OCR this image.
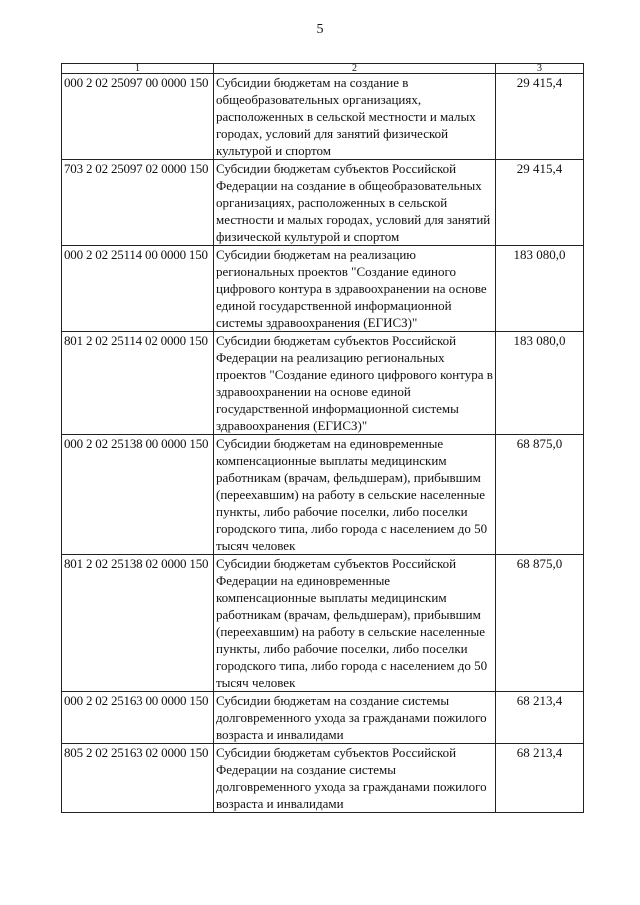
5
1	2	3
000 2 02 25097 00 0000 150	Субсидии бюджетам на создание в общеобразовательных организациях, расположенных в сельской местности и малых городах, условий для занятий физической культурой и спортом	29 415,4
703 2 02 25097 02 0000 150	Субсидии бюджетам субъектов Российской Федерации на создание в общеобразовательных организациях, расположенных в сельской местности и малых городах, условий для занятий физической культурой и спортом	29 415,4
000 2 02 25114 00 0000 150	Субсидии бюджетам на реализацию региональных проектов "Создание единого цифрового контура в здравоохранении на основе единой государственной информационной системы здравоохранения (ЕГИСЗ)"	183 080,0
801 2 02 25114 02 0000 150	Субсидии бюджетам субъектов Российской Федерации на реализацию региональных проектов "Создание единого цифрового контура в здравоохранении на основе единой государственной информационной системы здравоохранения (ЕГИСЗ)"	183 080,0
000 2 02 25138 00 0000 150	Субсидии бюджетам на единовременные компенсационные выплаты медицинским работникам (врачам, фельдшерам), прибывшим (переехавшим) на работу в сельские населенные пункты, либо рабочие поселки, либо поселки городского типа, либо города с населением до 50 тысяч человек	68 875,0
801 2 02 25138 02 0000 150	Субсидии бюджетам субъектов Российской Федерации на единовременные компенсационные выплаты медицинским работникам (врачам, фельдшерам), прибывшим (переехавшим) на работу в сельские населенные пункты, либо рабочие поселки, либо поселки городского типа, либо города с населением до 50 тысяч человек	68 875,0
000 2 02 25163 00 0000 150	Субсидии бюджетам на создание системы долговременного ухода за гражданами пожилого возраста и инвалидами	68 213,4
805 2 02 25163 02 0000 150	Субсидии бюджетам субъектов Российской Федерации на создание системы долговременного ухода за гражданами пожилого возраста и инвалидами	68 213,4
